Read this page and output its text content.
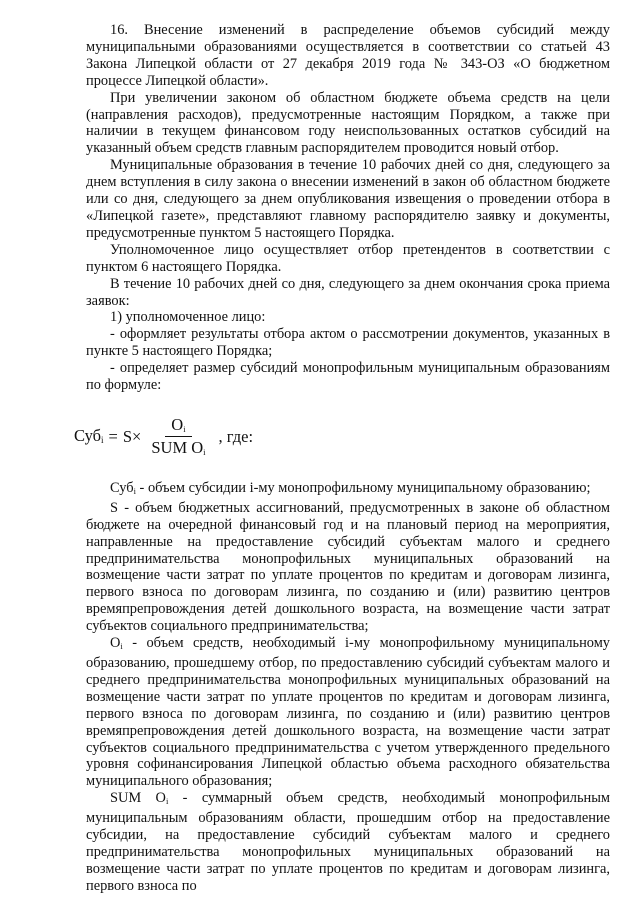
16. Внесение изменений в распределение объемов субсидий между муниципальными образованиями осуществляется в соответствии со статьей 43 Закона Липецкой области от 27 декабря 2019 года № 343-ОЗ «О бюджетном процессе Липецкой области».

При увеличении законом об областном бюджете объема средств на цели (направления расходов), предусмотренные настоящим Порядком, а также при наличии в текущем финансовом году неиспользованных остатков субсидий на указанный объем средств главным распорядителем проводится новый отбор.

Муниципальные образования в течение 10 рабочих дней со дня, следующего за днем вступления в силу закона о внесении изменений в закон об областном бюджете или со дня, следующего за днем опубликования извещения о проведении отбора в «Липецкой газете», представляют главному распорядителю заявку и документы, предусмотренные пунктом 5 настоящего Порядка.

Уполномоченное лицо осуществляет отбор претендентов в соответствии с пунктом 6 настоящего Порядка.

В течение 10 рабочих дней со дня, следующего за днем окончания срока приема заявок:

1) уполномоченное лицо:

- оформляет результаты отбора актом о рассмотрении документов, указанных в пункте 5 настоящего Порядка;

- определяет размер субсидий монопрофильным муниципальным образованиям по формуле:

$Суб_i = S \times \frac{Oi}{\text{SUM Oi}}$ , где:

Субi - объем субсидии i-му монопрофильному муниципальному образованию;

S - объем бюджетных ассигнований, предусмотренных в законе об областном бюджете на очередной финансовый год и на плановый период на мероприятия, направленные на предоставление субсидий субъектам малого и среднего предпринимательства монопрофильных муниципальных образований на возмещение части затрат по уплате процентов по кредитам и договорам лизинга, первого взноса по договорам лизинга, по созданию и (или) развитию центров времяпрепровождения детей дошкольного возраста, на возмещение части затрат субъектов социального предпринимательства;

Oi - объем средств, необходимый i-му монопрофильному муниципальному образованию, прошедшему отбор, по предоставлению субсидий субъектам малого и среднего предпринимательства монопрофильных муниципальных образований на возмещение части затрат по уплате процентов по кредитам и договорам лизинга, первого взноса по договорам лизинга, по созданию и (или) развитию центров времяпрепровождения детей дошкольного возраста, на возмещение части затрат субъектов социального предпринимательства с учетом утвержденного предельного уровня софинансирования Липецкой областью объема расходного обязательства муниципального образования;

SUM Oi - суммарный объем средств, необходимый монопрофильным муниципальным образованиям области, прошедшим отбор на предоставление субсидии, на предоставление субсидий субъектам малого и среднего предпринимательства монопрофильных муниципальных образований на возмещение части затрат по уплате процентов по кредитам и договорам лизинга, первого взноса по
